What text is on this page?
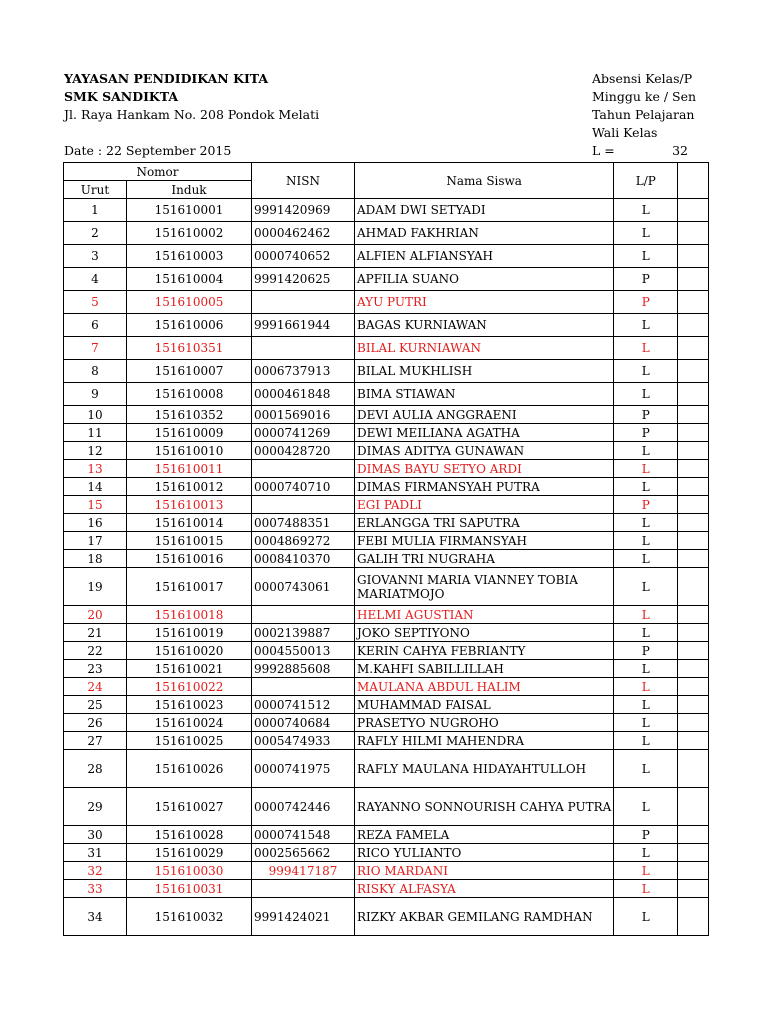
YAYASAN PENDIDIKAN KITA
SMK SANDIKTA
Jl. Raya Hankam No. 208 Pondok Melati
Absensi Kelas/P
Minggu ke / Sen
Tahun Pelajaran
Wali Kelas
Date : 22 September 2015	L =	32
Nomor		NISN	Nama Siswa	L/P	
Urut	Induk				
1	151610001	9991420969	ADAM DWI SETYADI	L	
2	151610002	0000462462	AHMAD FAKHRIAN	L	
3	151610003	0000740652	ALFIEN ALFIANSYAH	L	
4	151610004	9991420625	APFILIA SUANO	P	
5	151610005		AYU PUTRI	P	
6	151610006	9991661944	BAGAS KURNIAWAN	L	
7	151610351		BILAL KURNIAWAN	L	
8	151610007	0006737913	BILAL MUKHLISH	L	
9	151610008	0000461848	BIMA STIAWAN	L	
10	151610352	0001569016	DEVI AULIA ANGGRAENI	P	
11	151610009	0000741269	DEWI MEILIANA AGATHA	P	
12	151610010	0000428720	DIMAS ADITYA GUNAWAN	L	
13	151610011		DIMAS BAYU SETYO ARDI	L	
14	151610012	0000740710	DIMAS FIRMANSYAH PUTRA	L	
15	151610013		EGI PADLI	P	
16	151610014	0007488351	ERLANGGA TRI SAPUTRA	L	
17	151610015	0004869272	FEBI MULIA FIRMANSYAH	L	
18	151610016	0008410370	GALIH TRI NUGRAHA	L	
19	151610017	0000743061	GIOVANNI MARIA VIANNEY TOBIA MARIATMOJO	L	
20	151610018		HELMI AGUSTIAN	L	
21	151610019	0002139887	JOKO SEPTIYONO	L	
22	151610020	0004550013	KERIN CAHYA FEBRIANTY	P	
23	151610021	9992885608	M.KAHFI SABILLILLAH	L	
24	151610022		MAULANA ABDUL HALIM	L	
25	151610023	0000741512	MUHAMMAD FAISAL	L	
26	151610024	0000740684	PRASETYO NUGROHO	L	
27	151610025	0005474933	RAFLY HILMI MAHENDRA	L	
28	151610026	0000741975	RAFLY MAULANA HIDAYAHTULLOH	L	
29	151610027	0000742446	RAYANNO SONNOURISH CAHYA PUTRA	L	
30	151610028	0000741548	REZA FAMELA	P	
31	151610029	0002565662	RICO YULIANTO	L	
32	151610030	999417187	RIO MARDANI	L	
33	151610031		RISKY ALFASYA	L	
34	151610032	9991424021	RIZKY AKBAR GEMILANG RAMDHAN	L	
